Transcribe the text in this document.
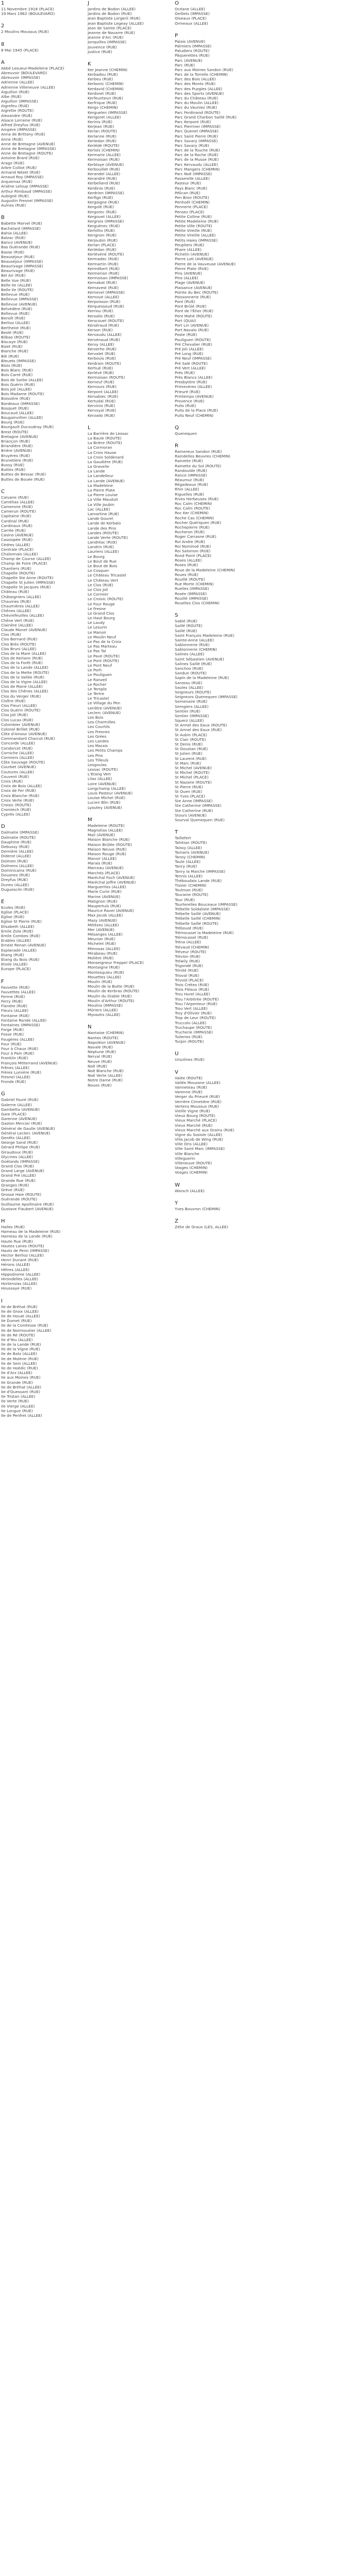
1
11 Novembre 1918 (PLACE)
19 Mars 1962 (BOULEVARD)
2
2 Moulins Moussus (RUE)
8
8 Mai 1945 (PLACE)
A
Abbé Lesueur-Madeleine (PLACE)
Abreuvoir (BOULEVARD)
Abreuvoir (IMPASSE)
Adrienne (ALLEE)
Adrienne Villeneuve (ALLEE)
Aiguillon (RUE)
Albe (RUE)
Aiguillon (IMPASSE)
Aigrefeu (RUE)
Aigrette (ROUTE)
Alexandre (RUE)
Alsace Lorraine (RUE)
Alfred Dreyfus (RUE)
Ampère (IMPASSE)
Anna de Brittany (RUE)
Anne (RUE)
Anne de Bretagne (AVENUE)
Anne de Bretagne (IMPASSE)
Anne de Bretagne (ROUTE)
Antoine Brard (RUE)
Arago (RUE)
Arbre Colliot (RUE)
Armand Nézet (RUE)
Arnaud Roy (IMPASSE)
Arquemaz (RUE)
Arsène Leloup (IMPASSE)
Arthur Rimbaud (IMPASSE)
Aubigné (RUE)
Augustin Fresnel (IMPASSE)
Aulnes (RUE)
B
Babette Marvel (RUE)
Bachelard (IMPASSE)
Bahia (ALLEE)
Balzac (RUE)
Banco (AVENUE)
Bas Guérande (RUE)
Basse (RUE)
Beauséjour (RUE)
Beauséjour (IMPASSE)
Beaurivage (IMPASSE)
Beaurivage (RUE)
Bel Air (RUE)
Belle Vue (RUE)
Belle Ile (ALLEE)
Belle Ile (ROUTE)
Bellevue (RUE)
Bellevue (IMPASSE)
Bellevue (AVENUE)
Belvédère (RUE)
Bellevue (RUE)
Benoît (RUE)
Berlioz (ALLEE)
Berthelot (RUE)
Beslé (RUE)
Bilbao (ROUTE)
Biscaye (RUE)
Bizet (RUE)
Blanche (RUE)
Blé (RUE)
Bleuets (IMPASSE)
Blois (RUE)
Bois Blanc (RUE)
Bois Carré (RUE)
Bois de Sorbe (ALLEE)
Bois Guérin (RUE)
Bois Joli (ALLEE)
Bois Madame (ROUTE)
Boissière (RUE)
Bordeaux (IMPASSE)
Bosquet (RUE)
Boucaud (ALLEE)
Bougainvillier (ALLEE)
Bourg (RUE)
Bourgault Ducoudray (RUE)
Brest (ROUTE)
Bretagne (AVENUE)
Briançon (RUE)
Briandière (RUE)
Brière (AVENUE)
Bruyères (RUE)
Brunetière (RUE)
Bussy (RUE)
Buttes (RUE)
Buttes de Bessac (RUE)
Buttes de Bouée (RUE)
C
Calvaire (RUE)
Camélias (ALLEE)
Camerone (RUE)
Camerun (ROUTE)
Capitaine (RUE)
Cardinal (RUE)
Cardinaux (RUE)
Carrée (RUE)
Casino (AVENUE)
Cassiopée (RUE)
Cèdres (ALLEE)
Centrale (PLACE)
Chalonnais (ALLEE)
Champ de Course (ALLEE)
Champ de Foire (PLACE)
Chantiers (RUE)
Chapelle (ROUTE)
Chapelle Ste Anne (ROUTE)
Chapelle St Julien (IMPASSE)
Chapelle St Jacques (RUE)
Château (RUE)
Châtaigniers (ALLEE)
Chaumes (RUE)
Chaumières (ALLEE)
Chênes (ALLEE)
Chèvrefeuilles (ALLEE)
Chêne Vert (RUE)
Clairière (ALLEE)
Claude Monet (AVENUE)
Clos (RUE)
Clos Bernard (RUE)
Clos Brès (ROUTE)
Clos Bruni (ALLEE)
Clos de la Mare (ALLEE)
Clos de Kerlann (RUE)
Clos de la Forêt (RUE)
Clos de la Lande (ALLEE)
Clos de la Mette (ROUTE)
Clos de la Vallée (RUE)
Clos de la Vigne (ALLEE)
Clos de Marie (ALLEE)
Clos des Chênes (ALLEE)
Clos du Verger (RUE)
Cloître (RUE)
Clos Fleuri (ALLEE)
Clos Guérin (ROUTE)
Clos Joli (RUE)
Clos Lucas (RUE)
Colombier (AVENUE)
Colonel Brillet (RUE)
Côte d'Amour (AVENUE)
Commandant Charcot (RUE)
Concorde (ALLEE)
Condorcet (RUE)
Corniche (ALLEE)
Cormiers (ALLEE)
Côte Sauvage (ROUTE)
Courbet (AVENUE)
Coutures (ALLEE)
Couvent (RUE)
Croix (RUE)
Croix de Bois (ALLEE)
Croix de Fer (RUE)
Croix Blanche (RUE)
Croix Verte (RUE)
Croisic (ROUTE)
Cromlech (RUE)
Cyprès (ALLEE)
D
Dalmatie (IMPASSE)
Dalmatie (ROUTE)
Dauphine (RUE)
Debussy (RUE)
Dernière (ALLEE)
Diderot (ALLEE)
Dolmen (RUE)
Dolmens (ALLEE)
Dominicains (RUE)
Douanes (RUE)
Dreyfus (RUE)
Dunes (ALLEE)
Duguesclin (RUE)
E
Ecoles (RUE)
Eglise (PLACE)
Eglise (RUE)
Eglise St Pierre (RUE)
Elisabeth (ALLEE)
Emile Zola (RUE)
Emile Combes (RUE)
Erables (ALLEE)
Ernest Renan (AVENUE)
Esplanade (ALLEE)
Etang (RUE)
Etang du Bois (RUE)
Etoile (ALLEE)
Europe (PLACE)
F
Fauvette (RUE)
Fauvettes (ALLEE)
Ferme (RUE)
Ferry (RUE)
Flandre (RUE)
Fleurs (ALLEE)
Fontaine (RUE)
Fontaine Ronde (ALLEE)
Fontaines (IMPASSE)
Forge (RUE)
Fosse (RUE)
Fougères (ALLEE)
Four (RUE)
Four à Chaux (RUE)
Four à Pain (RUE)
Franklin (RUE)
François Mitterrand (AVENUE)
Frênes (ALLEE)
Frères Lumière (RUE)
Fresnel (ALLEE)
Fronde (RUE)
G
Gabriel Fauré (RUE)
Galerne (ALLEE)
Gambetta (AVENUE)
Gare (PLACE)
Garenne (AVENUE)
Gaston Mercier (RUE)
Général de Gaulle (AVENUE)
Général Leclerc (AVENUE)
Genêts (ALLEE)
George Sand (RUE)
Gérard Philipe (RUE)
Giraudoux (RUE)
Glycines (ALLEE)
Goélands (IMPASSE)
Grand Clos (RUE)
Grand Large (AVENUE)
Grand Pré (ALLEE)
Grande Rue (RUE)
Granges (RUE)
Grève (RUE)
Grosse Haie (ROUTE)
Guérande (ROUTE)
Guillaume Apollinaire (RUE)
Gustave Flaubert (AVENUE)
H
Halles (RUE)
Hameau de la Madeleine (RUE)
Hameau de la Lande (RUE)
Haute Rue (RUE)
Hautes Lanes (ROUTE)
Hauts de Penn (IMPASSE)
Hector Berlioz (ALLEE)
Henri Dunant (RUE)
Hérons (ALLEE)
Hêtres (ALLEE)
Hippodrome (ALLEE)
Hirondelles (ALLEE)
Hortensias (ALLEE)
Houssaye (RUE)
I
Ile de Bréhat (RUE)
Ile de Groix (ALLEE)
Ile de Houat (ALLEE)
Ile Dumet (RUE)
Ile de la Comtesse (RUE)
Ile de Noirmoutier (ALLEE)
Ile de Ré (ROUTE)
Ile d'Yeu (ALLEE)
Ile de la Lande (RUE)
Ile de la Vigne (RUE)
Ile de Batz (ALLEE)
Ile de Molène (RUE)
Ile de Sein (ALLEE)
Ile de Hoëdic (RUE)
Ile d'Arz (ALLEE)
Ile aux Moines (RUE)
Ile Grande (RUE)
Ile de Bréhat (ALLEE)
Ile d'Ouessant (RUE)
Ile Tristan (ALLEE)
Ile Verte (RUE)
Ile Vierge (ALLEE)
Ile Longue (RUE)
Ile de Penfret (ALLEE)
J
Jardins de Bodon (ALLEE)
Jardins de Bodon (RUE)
Jean Baptiste Lorgeril (RUE)
Jean Baptiste Legeay (ALLEE)
Jean de Sainte (PLACE)
Jeanne de Navarre (RUE)
Jeanne d'Arc (RUE)
Jonquilles (IMPASSE)
Jouvence (RUE)
Justice (RUE)
K
Ker Jeanne (CHEMIN)
Kerbadou (RUE)
Kerbeu (RUE)
Kerbonic (CHEMIN)
Kerdavid (CHEMIN)
Kerdoret (RUE)
Kerfeunteun (RUE)
Kerfrique (RUE)
Kergo (CHEMIN)
Kerguelen (IMPASSE)
Kerigoret (ALLEE)
Kerinis (RUE)
Kerjean (RUE)
Kerlan (ROUTE)
Kerlanne (RUE)
Kerledan (RUE)
Kerlédé (ROUTE)
Kerlois (CHEMIN)
Kermarie (ALLEE)
Kermoisan (RUE)
Kerblaye (AVENUE)
Kerbouillet (RUE)
Kerandel (ALLEE)
Kerandré (RUE)
Kerbelland (RUE)
Kerdinio (RUE)
Kerdrien (IMPASSE)
Kerfigo (RUE)
Kergaigne (RUE)
Kergolé (RUE)
Kergorec (RUE)
Kergouet (ALLEE)
Kergroix (IMPASSE)
Kerguénec (RUE)
Kerhillio (RUE)
Kerignon (RUE)
Kerjoubin (RUE)
Kerlan (PLACE)
Kerlédan (RUE)
Kerlévéné (ROUTE)
Kermadec (RUE)
Kermartin (RUE)
Kermébert (RUE)
Kermerian (RUE)
Kermoisan (IMPASSE)
Kernabat (RUE)
Kernavest (RUE)
Kernevel (IMPASSE)
Kernoué (ALLEE)
Kerpoisson (RUE)
Kerquessaud (RUE)
Kerriou (RUE)
Kersalio (RUE)
Kerscouet (ROUTE)
Kerséraud (RUE)
Kerson (RUE)
Kervaudu (ALLEE)
Kervénaud (RUE)
Kervy (ALLEE)
Kerzerho (RUE)
Kervalet (RUE)
Kerbouis (RUE)
Kerdrain (ROUTE)
Kerhué (RUE)
Kerlévé (RUE)
Kermoisan (ROUTE)
Kerneuf (RUE)
Kernours (RUE)
Kerpont (ALLEE)
Kersabiec (RUE)
Kertudal (RUE)
Kervinio (RUE)
Kervoyal (RUE)
Kerzado (RUE)
L
La Barrière de Lessac
La Baule (ROUTE)
La Brière (ROUTE)
La Cormoran
La Croix Hause
La Croix Soldenard
La Gaudière (RUE)
La Gravelle
La Lande
La Landelleur
La Lande (AVENUE)
La Madeleine
La Pierre Plate
La Pierre Louise
La Ville Mauduit
La Ville Joubin
Lac (ALLEE)
Lamartine (RUE)
Lande Gourel
Lande de Kerbalo
Lande des Pins
Landes (ROUTE)
Lande Verte (ROUTE)
Landréac (RUE)
Landrin (RUE)
Lauriers (ALLEE)
Le Bourg
Le Bout de Rue
Le Bout de Bois
Le Cosquer
Le Château Tricastel
Le Château Vert
Le Clos (RUE)
Le Clos Joli
Le Cormier
Le Croisic (ROUTE)
Le Four Rouge
Le Fresne
Le Grand Clos
Le Haut Bourg
Le Laudy
Le Lesurin
Le Manoir
Le Moulin Neuf
Le Pas de la Croix
Le Pas Marteau
Le Pas Tal
Le Pavé (ROUTE)
Le Pont (ROUTE)
Le Pont Neuf
Le Porh
Le Pouliguen
Le Ranzeil
Le Rocher
Le Temple
Le Tertre
Le Tricastel
Le Village du Pen
Lenôtre (AVENUE)
Leclerc (AVENUE)
Les Bois
Les Charmilles
Les Courtils
Les Fresnes
Les Grées
Les Landes
Les Marais
Les Petits Champs
Les Pins
Les Tilleuls
Lesgoulas
Lessac (ROUTE)
L'Etang Vert
Lilas (ALLEE)
Loire (AVENUE)
Longchamp (ALLEE)
Louis Pasteur (AVENUE)
Louise Michel (RUE)
Lucien Blin (RUE)
Lyautey (AVENUE)
M
Madeleine (ROUTE)
Magnolias (ALLEE)
Mail (AVENUE)
Maison Blanche (RUE)
Maison Brûlée (ROUTE)
Maison Neuve (RUE)
Maison Rouge (RUE)
Manoir (ALLEE)
Marais (RUE)
Marceau (AVENUE)
Marchés (PLACE)
Maréchal Foch (AVENUE)
Maréchal Joffre (AVENUE)
Marguerites (ALLEE)
Marie Curie (RUE)
Marine (AVENUE)
Matignon (RUE)
Maupertuis (RUE)
Maurice Ravel (AVENUE)
Max Jacob (ALLEE)
Mazy (AVENUE)
Mélèzes (ALLEE)
Mer (AVENUE)
Mésanges (ALLEE)
Meunier (RUE)
Michelet (RUE)
Mimosas (ALLEE)
Mirabeau (RUE)
Molière (RUE)
Monseigneur Freppel (PLACE)
Montaigne (RUE)
Montesquieu (RUE)
Mouettes (ALLEE)
Moulin (RUE)
Moulin de la Butte (RUE)
Moulin de Kerbras (ROUTE)
Moulin du Diable (RUE)
Moulin d'Arthur (ROUTE)
Moulins (IMPASSE)
Mûriers (ALLEE)
Myosotis (ALLEE)
N
Nantaise (CHEMIN)
Nantes (ROUTE)
Napoléon (AVENUE)
Navale (RUE)
Neptune (RUE)
Nerval (RUE)
Neuve (RUE)
Noë (RUE)
Noë Blanche (RUE)
Noë Verte (ALLEE)
Notre Dame (RUE)
Noues (RUE)
O
Océane (ALLEE)
Oeillets (IMPASSE)
Oiseaux (PLACE)
Ormeaux (ALLEE)
P
Palais (AVENUE)
Palmiers (IMPASSE)
Paludiers (ROUTE)
Pâquerettes (RUE)
Parc (AVENUE)
Parc (RUE)
Parc aux Moines Sandon (RUE)
Parc de la Torrelle (CHEMIN)
Parc des Bois (ALLEE)
Parc des Monts (RUE)
Parc des Puzgles (ALLEE)
Parc des Sports (AVENUE)
Parc du Château (RUE)
Parc du Moulin (ALLEE)
Parc du Vauniez (RUE)
Parc Ferdinand (ROUTE)
Parc Grand Charbon Saillé (RUE)
Parc Kerpont (RUE)
Parc Pierriner (IMPASSE)
Parc Quenet (IMPASSE)
Parc Saint Pierre (RUE)
Parc Savary (IMPASSE)
Parc Savary (RUE)
Parc de la Touche (RUE)
Parc de la Roche (RUE)
Parc de la Musse (RUE)
Parc Kervaudu (ALLEE)
Parc Mangers (CHEMIN)
Parc Noë (IMPASSE)
Passerelle (ALLEE)
Pasteur (RUE)
Pays Blanc (RUE)
Pélican (RUE)
Pen Bron (ROUTE)
Penhoët (CHEMIN)
Pennerie (PLACE)
Pensez (PLACE)
Petite Colline (RUE)
Petite Madeleine (RUE)
Petite Ville (ROUTE)
Petite Vireille (RUE)
Petite Vireille (ALLEE)
Petits Haies (IMPASSE)
Peupliers (RUE)
Phare (ALLEE)
Pichelin (AVENUE)
Pierre Loti (AVENUE)
Pierre de la Vauveuse (AVENUE)
Pierre Plate (RUE)
Pins (AVENUE)
Pins (ALLEE)
Plage (AVENUE)
Plaisance (AVENUE)
Pointe du Bec (ROUTE)
Poissonnerie (RUE)
Pont (RUE)
Pont Brûlé (RUE)
Pont de l'Étier (RUE)
Pont Mahé (ROUTE)
Port (QUAI)
Port Lin (AVENUE)
Port Navalo (RUE)
Poste (RUE)
Pouliguen (ROUTE)
Pré Chevalier (RUE)
Pré Joli (ALLEE)
Pré Long (RUE)
Pré Neuf (IMPASSE)
Pré Salé (ROUTE)
Pré Vert (ALLEE)
Prés (RUE)
Prés Blancs (ALLEE)
Presbytère (RUE)
Primevères (ALLEE)
Prieuré (RUE)
Printemps (AVENUE)
Provence (RUE)
Puits (RUE)
Puits de la Place (RUE)
Puits Neuf (CHEMIN)
Q
Quenequen
R
Ramereux Sandon (RUE)
Raindelles Beuvres (CHEMIN)
Rainette (RUE)
Rainette du Sol (ROUTE)
Randoulde (RUE)
Rance (IMPASSE)
Réaumur (RUE)
Régadeaux (RUE)
Rhin (ALLEE)
Riguelles (RUE)
Rives Herbeuses (RUE)
Roc Calm (CHEMIN)
Roc Calm (ROUTE)
Roc Ker (CHEMIN)
Roche Cas (CHEMIN)
Rocher Quériquen (RUE)
Rochepierre (RUE)
Rocheron (RUE)
Roger Carrasne (RUE)
Roi Andre (RUE)
Roi Nominoé (RUE)
Roi Salomon (RUE)
Rond Point (PLACE)
Roses (ALLEE)
Roses (RUE)
Roue de la Madeleine (CHEMIN)
Roues (RUE)
Rouillé (ROUTE)
Rue Morte (CHEMIN)
Ruelles (IMPASSE)
Rosée (IMPASSE)
Rouillé (IMPASSE)
Rouelles Clos (CHEMIN)
S
Sablé (RUE)
Saillé (ROUTE)
Saillé (RUE)
Saint François Madeleine (RUE)
Sainte-Anne (ALLEE)
Sablonnerie (RUE)
Sablonnerie (CHEMIN)
Salines (ALLEE)
Saint Sébastien (AVENUE)
Salines Saillé (RUE)
Sanchoo (RUE)
Sandun (ROUTE)
Sapin de la Madeleine (RUE)
Sarzeau (RUE)
Saules (ALLEE)
Seigneurs (ROUTE)
Seigneurs Quenequen (IMPASSE)
Semenaire (RUE)
Semgiers (ALLEE)
Sentier (RUE)
Sentier (IMPASSE)
Squerz (ALLEE)
St Armel des Eaux (ROUTE)
St Armel des Eaux (RUE)
St Aubin (PLACE)
St Clair (ROUTE)
St Denis (RUE)
St Goustan (RUE)
St Julien (RUE)
St Laurent (RUE)
St Marc (RUE)
St Michel (AVENUE)
St Michel (ROUTE)
St Michel (PLACE)
St Nazaire (ROUTE)
St Pierre (RUE)
St Ouen (RUE)
St Yves (PLACE)
Ste Anne (IMPASSE)
Ste Catherine (IMPASSE)
Ste Catherine (RUE)
Stours (AVENUE)
Sourval Quenequen (RUE)
T
Taillefert
Tahitian (ROUTE)
Taissy (ALLEE)
Tamaris (AVENUE)
Tanoy (CHEMIN)
Taule (ALLEE)
Tanry (RUE)
Tanry la Marche (IMPASSE)
Tennis (ALLEE)
Théboudais Lande (RUE)
Tissier (CHEMIN)
Toulman (RUE)
Touraine (ROUTE)
Tour (RUE)
Tourterelles Bouceaux (IMPASSE)
Trébelle Soldaliste (IMPASSE)
Trébelle Saillé (AVENUE)
Trébelle Saillé (CHEMIN)
Trébelle Saillé (ROUTE)
Trébouat (RUE)
Trémoussel la Madeleine (RUE)
Trémoussel (RUE)
Tréna (ALLEE)
Trévaud (CHEMIN)
Tréveur (ROUTE)
Trévion (RUE)
Tréwily (RUE)
Trigondé (RUE)
Trinité (RUE)
Trioval (RUE)
Trivoid (PLACE)
Trois Crétes (RUE)
Trois Fléaux (RUE)
Trou Hurel (ALLEE)
Trou l'Arbitrée (ROUTE)
Trou l'Arpenteur (RUE)
Trou Vert (ALLEE)
Troy d'Olivier (RUE)
Trop de Leur (ROUTE)
Truccolo (ALLEE)
Truchaupe (ROUTE)
Trucherie (IMPASSE)
Tuileries (RUE)
Turpin (ROUTE)
U
Ursulines (RUE)
V
Valée (ROUTE)
Vallée Mouzane (ALLEE)
Vanneteau (RUE)
Varenne (RUE)
Verger du Prieuré (RUE)
Verrière Cimetière (RUE)
Vertens Moussus (RUE)
Vieille Vigne (RUE)
Vieux Bourg (ROUTE)
Vieux Marché (PLACE)
Vieux Marché (RUE)
Vieux Marché aux Grains (RUE)
Vigne du Sosiole (ALLEE)
Villa Jacob de Wing (RUE)
Ville Oris (ALLEE)
Ville Saint Marc (IMPASSE)
Ville Blanche
Villeguerin
Villeneuve (ROUTE)
Vosges (CHEMIN)
Vosges (CHEMIN)
W
Warsch (ALLEE)
Y
Yves Bouvron (CHEMIN)
Z
Zélie de Graux (LES, ALLEE)
